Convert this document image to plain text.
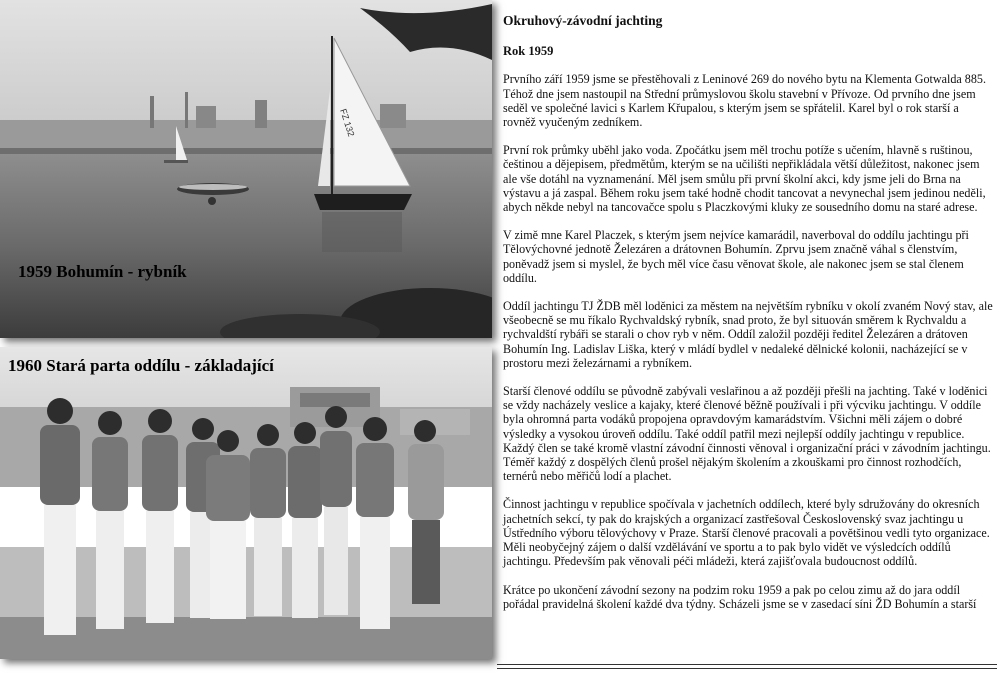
FZ 132
1959 Bohumín - rybník
1960 Stará parta oddílu - základající
Okruhový-závodní jachting
Rok 1959

Prvního září 1959 jsme se přestěhovali z Leninové 269 do nového bytu na Klementa Gotwalda 885. Téhož dne jsem nastoupil na Střední průmyslovou školu stavební v Přívoze. Od prvního dne jsem seděl ve společné lavici s Karlem Křupalou, s kterým jsem se spřátelil. Karel byl o rok starší a rovněž vyučeným zedníkem.

První rok průmky uběhl jako voda. Zpočátku jsem měl trochu potíže s učením, hlavně s ruštinou, češtinou a dějepisem, předmětům, kterým se na učilišti nepřikládala větší důležitost, nakonec jsem ale vše dotáhl na vyznamenání. Měl jsem smůlu při první školní akci, kdy jsme jeli do Brna na výstavu a já zaspal. Během roku jsem také hodně chodit tancovat a nevynechal jsem jedinou neděli, abych někde nebyl na tancovačce spolu s Placzkovými kluky ze sousedního domu na staré adrese.

V zimě mne Karel Placzek, s kterým jsem nejvíce kamarádil, naverboval do oddílu jachtingu při Tělovýchovné jednotě Železáren a drátovnen Bohumín. Zprvu jsem značně váhal s členstvím, poněvadž jsem si myslel, že bych měl více času věnovat škole, ale nakonec jsem se stal členem oddílu.

Oddíl jachtingu TJ ŽDB měl loděnici za městem na největším rybníku v okolí zvaném Nový stav, ale všeobecně se mu říkalo Rychvaldský rybník, snad proto, že byl situován směrem k Rychvaldu a rychvaldští rybáři se starali o chov ryb v něm. Oddíl založil později ředitel Železáren a drátoven Bohumín Ing. Ladislav Liška, který v mládí bydlel v nedaleké dělnické kolonii, nacházející se v prostoru mezi železárnami a rybníkem.

Starší členové oddílu se původně zabývali veslařinou a až později přešli na jachting. Také v loděnici se vždy nacházely veslice a kajaky, které členové běžně používali i při výcviku jachtingu. V oddíle byla ohromná parta vodáků propojena opravdovým kamarádstvím. Všichni měli zájem o dobré výsledky a vysokou úroveň oddílu. Také oddíl patřil mezi nejlepší oddíly jachtingu v republice. Každý člen se také kromě vlastní závodní činnosti věnoval i organizační práci v závodním jachtingu. Téměř každý z dospělých členů prošel nějakým školením a zkouškami pro činnost rozhodčích, ternérů nebo měřičů lodí a plachet.

Činnost jachtingu v republice spočívala v jachetních oddílech, které byly sdružovány do okresních jachetních sekcí, ty pak do krajských a organizací zastřešoval Československý svaz jachtingu u Ústředního výboru tělovýchovy v Praze. Starší členové pracovali a povětšinou vedli tyto organizace. Měli neobyčejný zájem o další vzdělávání ve sportu a to pak bylo vidět ve výsledcích oddílů jachtingu. Především pak věnovali péči mládeži, která zajišťovala budoucnost oddílů.

Krátce po ukončení závodní sezony na podzim roku 1959 a pak po celou zimu až do jara oddíl pořádal pravidelná školení každé dva týdny. Scházeli jsme se v zasedací síni ŽD Bohumín a starší
